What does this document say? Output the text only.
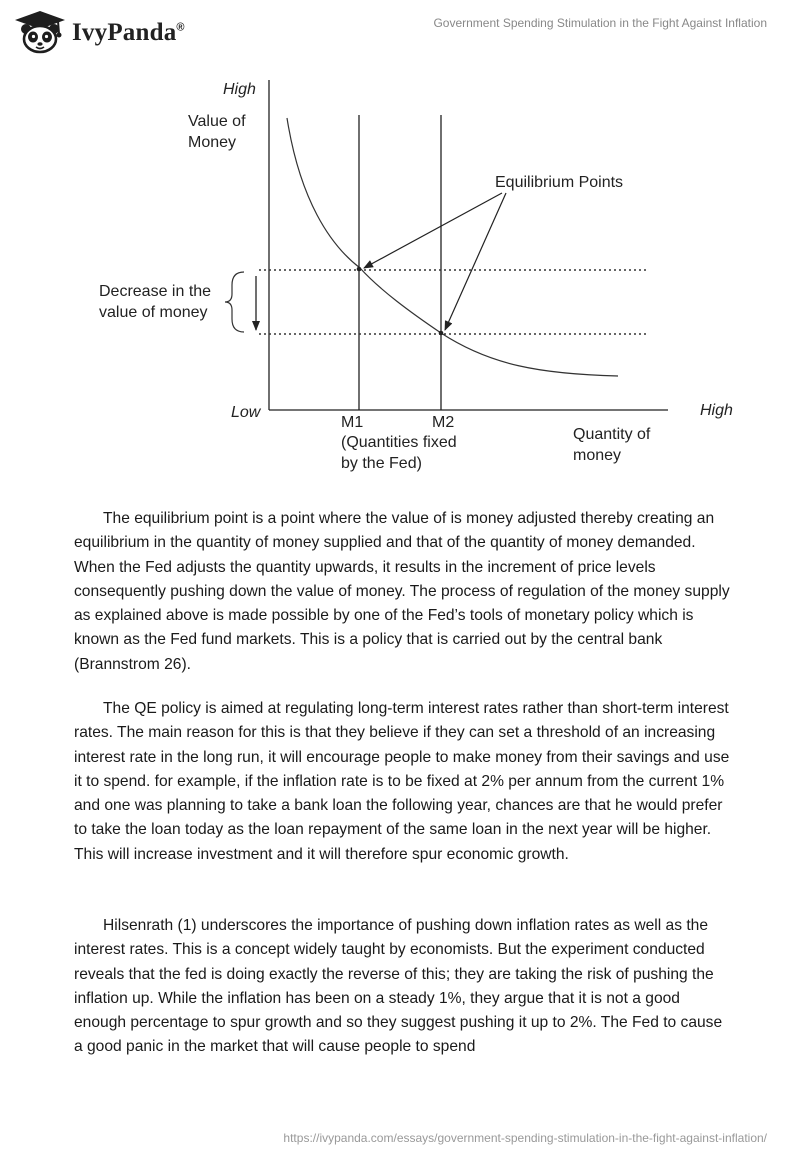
IvyPanda®	Government Spending Stimulation in the Fight Against Inflation
High
Value of
Money
Equilibrium Points
Decrease in the
value of money
Low	High
M1	M2
(Quantities fixed
by the Fed)
Quantity of
money

The equilibrium point is a point where the value of is money adjusted thereby creating an equilibrium in the quantity of money supplied and that of the quantity of money demanded. When the Fed adjusts the quantity upwards, it results in the increment of price levels consequently pushing down the value of money. The process of regulation of the money supply as explained above is made possible by one of the Fed’s tools of monetary policy which is known as the Fed fund markets. This is a policy that is carried out by the central bank (Brannstrom 26).

The QE policy is aimed at regulating long-term interest rates rather than short-term interest rates. The main reason for this is that they believe if they can set a threshold of an increasing interest rate in the long run, it will encourage people to make money from their savings and use it to spend. for example, if the inflation rate is to be fixed at 2% per annum from the current 1% and one was planning to take a bank loan the following year, chances are that he would prefer to take the loan today as the loan repayment of the same loan in the next year will be higher. This will increase investment and it will therefore spur economic growth.

Hilsenrath (1) underscores the importance of pushing down inflation rates as well as the interest rates. This is a concept widely taught by economists. But the experiment conducted reveals that the fed is doing exactly the reverse of this; they are taking the risk of pushing the inflation up. While the inflation has been on a steady 1%, they argue that it is not a good enough percentage to spur growth and so they suggest pushing it up to 2%. The Fed to cause a good panic in the market that will cause people to spend

https://ivypanda.com/essays/government-spending-stimulation-in-the-fight-against-inflation/
